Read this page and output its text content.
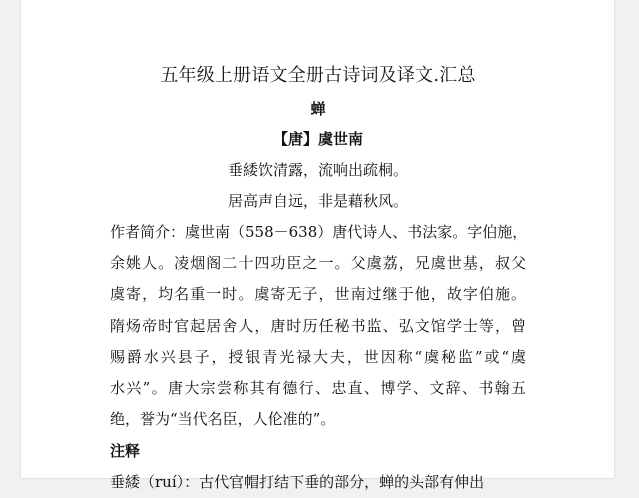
五年级上册语文全册古诗词及译文.汇总
蝉
【唐】虞世南
垂緌饮清露，流响出疏桐。
居高声自远，非是藉秋风。
作者简介：虞世南（558－638）唐代诗人、书法家。字伯施，
余姚人。凌烟阁二十四功臣之一。父虞荔，兄虞世基，叔父
虞寄，均名重一时。虞寄无子，世南过继于他，故字伯施。
隋炀帝时官起居舍人，唐时历任秘书监、弘文馆学士等，曾
赐爵水兴县子，授银青光禄大夫，世因称“虞秘监”或“虞
水兴”。唐大宗尝称其有德行、忠直、博学、文辞、书翰五
绝，誉为“当代名臣，人伦准的”。
注释
垂緌（ruí）：古代官帽打结下垂的部分，蝉的头部有伸出
